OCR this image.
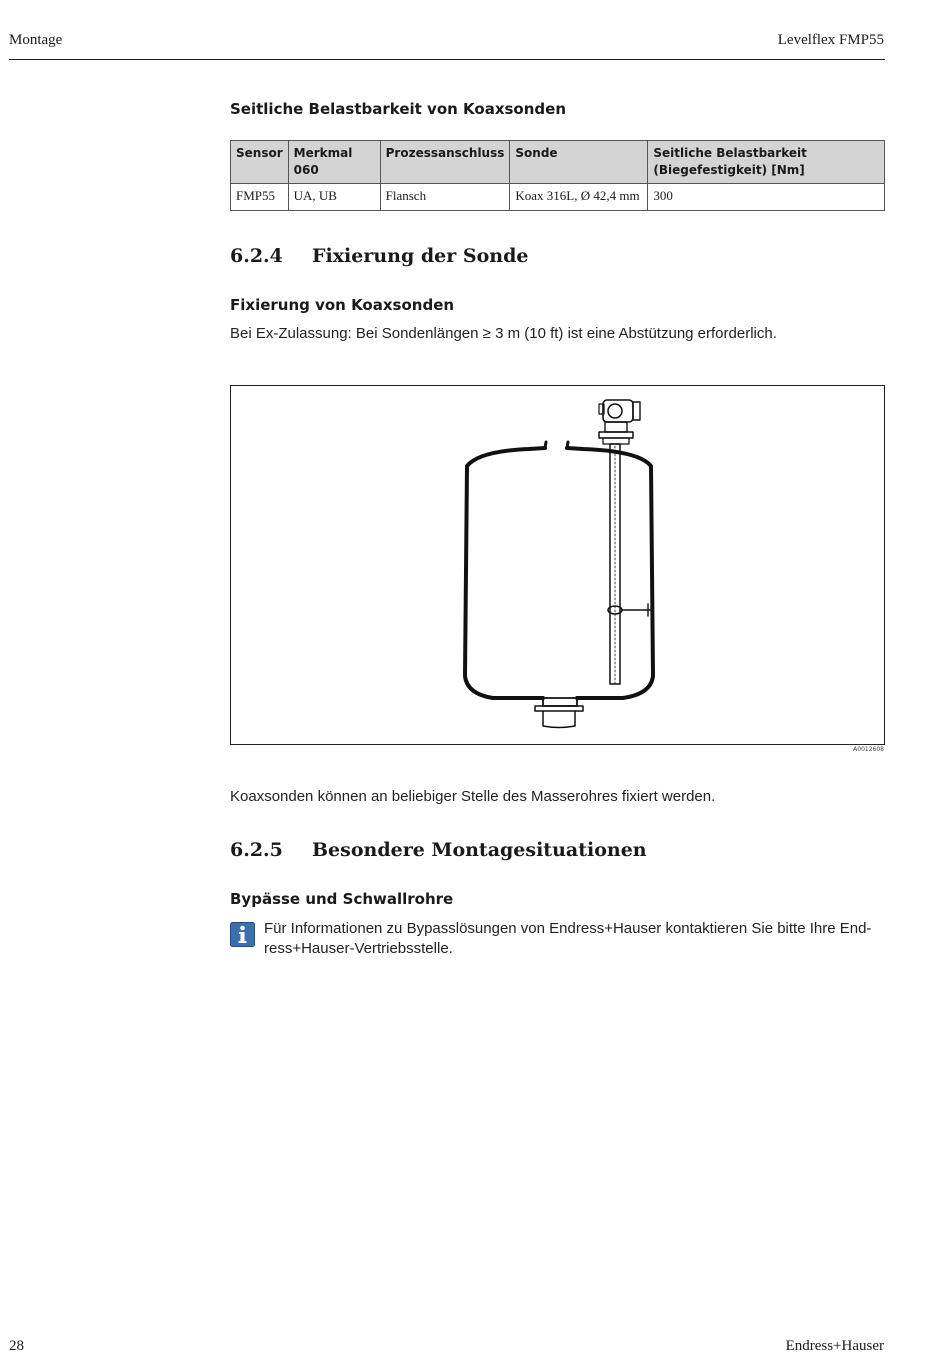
Montage	Levelflex FMP55
Seitliche Belastbarkeit von Koaxsonden
Sensor	Merkmal 060	Prozessanschluss	Sonde	Seitliche Belastbarkeit (Biegefestigkeit) [Nm]
FMP55	UA, UB	Flansch	Koax 316L, Ø 42,4 mm	300
6.2.4	Fixierung der Sonde
Fixierung von Koaxsonden

Bei Ex-Zulassung: Bei Sondenlängen ≥ 3 m (10 ft) ist eine Abstützung erforderlich.

A0012608

Koaxsonden können an beliebiger Stelle des Masserohres fixiert werden.

6.2.5	Besondere Montagesituationen
Bypässe und Schwallrohre
Für Informationen zu Bypasslösungen von Endress+Hauser kontaktieren Sie bitte Ihre End-
ress+Hauser-Vertriebsstelle.
28	Endress+Hauser
